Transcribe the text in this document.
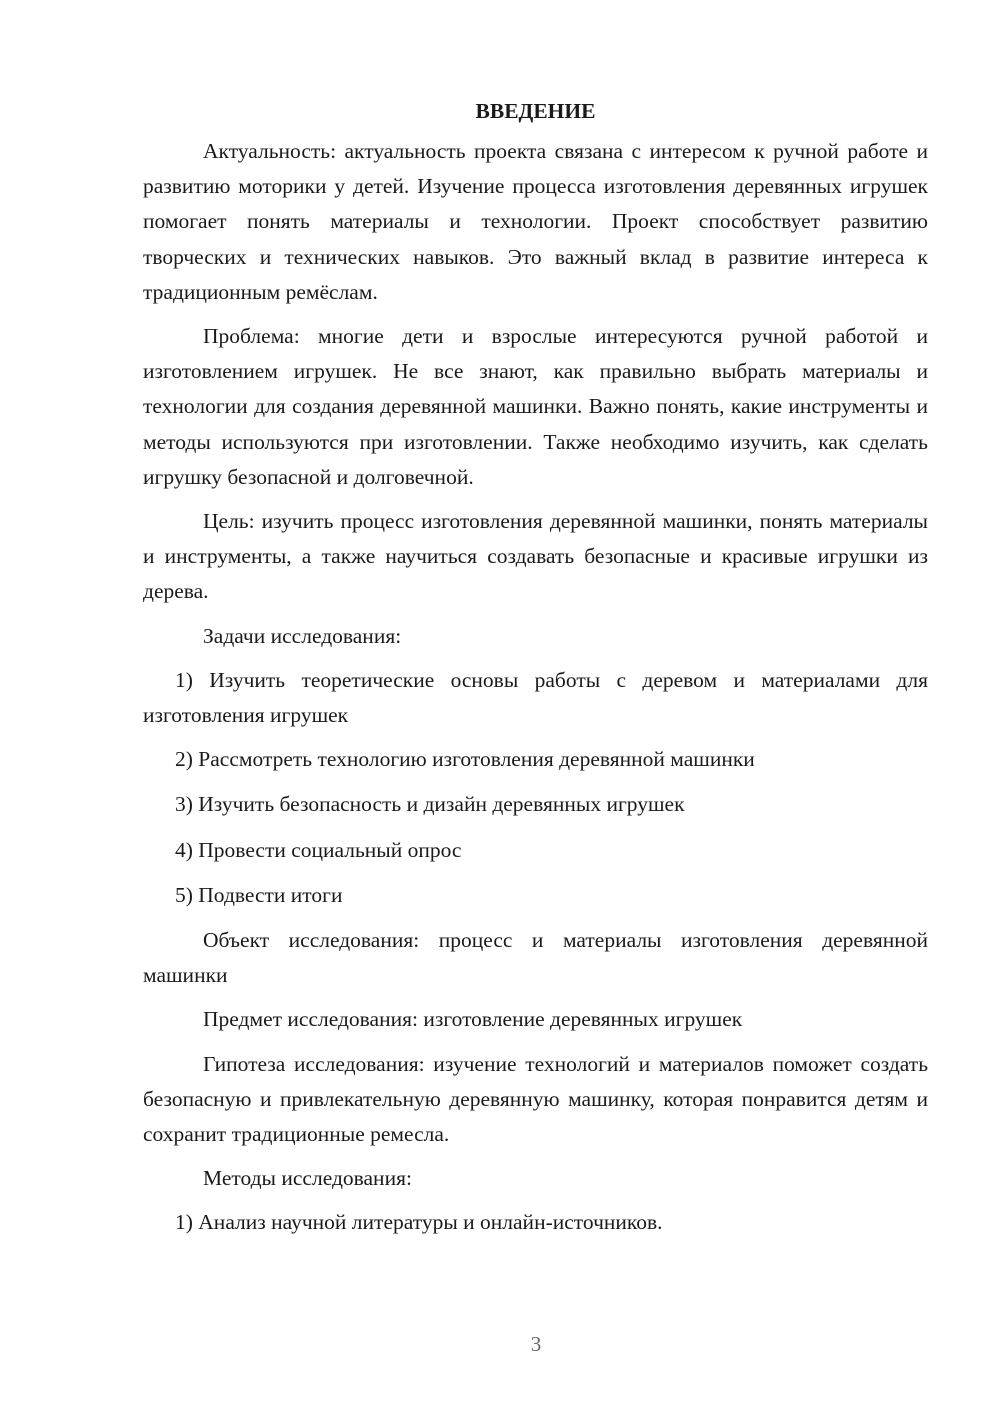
ВВЕДЕНИЕ
Актуальность: актуальность проекта связана с интересом к ручной работе и развитию моторики у детей. Изучение процесса изготовления деревянных игрушек помогает понять материалы и технологии. Проект способствует развитию творческих и технических навыков. Это важный вклад в развитие интереса к традиционным ремёслам.
Проблема: многие дети и взрослые интересуются ручной работой и изготовлением игрушек. Не все знают, как правильно выбрать материалы и технологии для создания деревянной машинки. Важно понять, какие инструменты и методы используются при изготовлении. Также необходимо изучить, как сделать игрушку безопасной и долговечной.
Цель: изучить процесс изготовления деревянной машинки, понять материалы и инструменты, а также научиться создавать безопасные и красивые игрушки из дерева.
Задачи исследования:
1) Изучить теоретические основы работы с деревом и материалами для изготовления игрушек
2) Рассмотреть технологию изготовления деревянной машинки
3) Изучить безопасность и дизайн деревянных игрушек
4) Провести социальный опрос
5) Подвести итоги
Объект исследования: процесс и материалы изготовления деревянной машинки
Предмет исследования: изготовление деревянных игрушек
Гипотеза исследования: изучение технологий и материалов поможет создать безопасную и привлекательную деревянную машинку, которая понравится детям и сохранит традиционные ремесла.
Методы исследования:
1) Анализ научной литературы и онлайн-источников.
3
